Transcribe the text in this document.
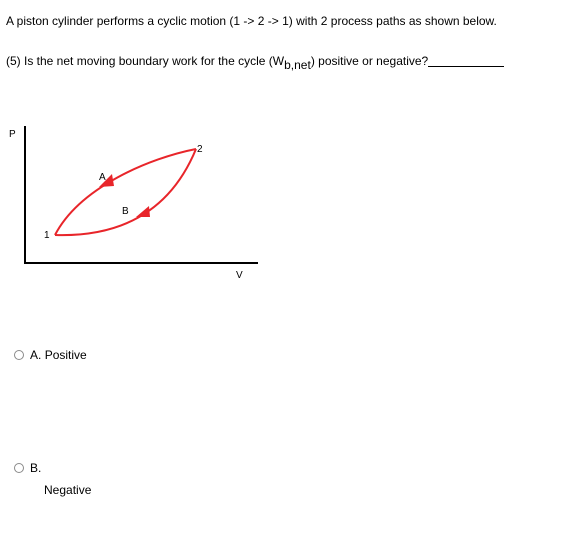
A piston cylinder performs a cyclic motion (1 -> 2 -> 1) with 2 process paths as shown below.
(5) Is the net moving boundary work for the cycle $(W_{b,net})$ positive or negative?
P
V
1
2
A
B
A.
Positive
B.
Negative
